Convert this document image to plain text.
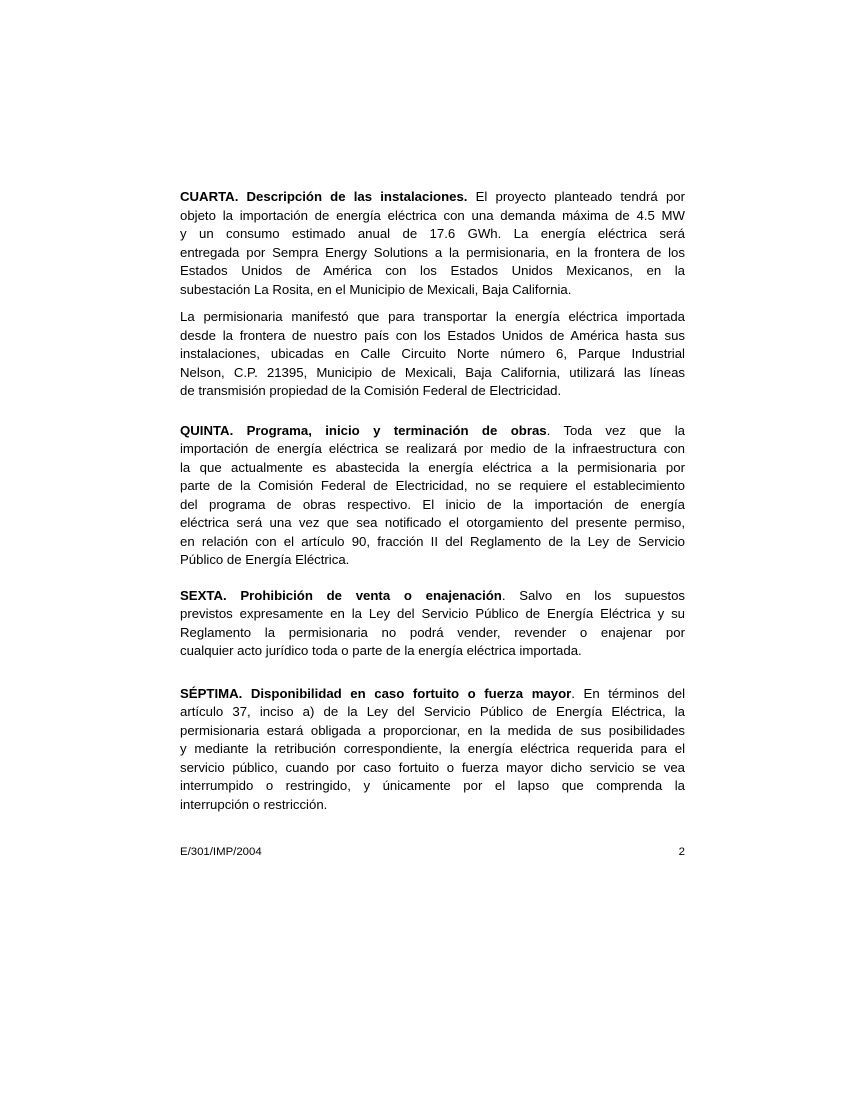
CUARTA. Descripción de las instalaciones. El proyecto planteado tendrá por
objeto la importación de energía eléctrica con una demanda máxima de 4.5 MW
y un consumo estimado anual de 17.6 GWh. La energía eléctrica será
entregada por Sempra Energy Solutions a la permisionaria, en la frontera de los
Estados Unidos de América con los Estados Unidos Mexicanos, en la
subestación La Rosita, en el Municipio de Mexicali, Baja California.
La permisionaria manifestó que para transportar la energía eléctrica importada
desde la frontera de nuestro país con los Estados Unidos de América hasta sus
instalaciones, ubicadas en Calle Circuito Norte número 6, Parque Industrial
Nelson, C.P. 21395, Municipio de Mexicali, Baja California, utilizará las líneas
de transmisión propiedad de la Comisión Federal de Electricidad.
QUINTA. Programa, inicio y terminación de obras. Toda vez que la
importación de energía eléctrica se realizará por medio de la infraestructura con
la que actualmente es abastecida la energía eléctrica a la permisionaria por
parte de la Comisión Federal de Electricidad, no se requiere el establecimiento
del programa de obras respectivo. El inicio de la importación de energía
eléctrica será una vez que sea notificado el otorgamiento del presente permiso,
en relación con el artículo 90, fracción II del Reglamento de la Ley de Servicio
Público de Energía Eléctrica.
SEXTA. Prohibición de venta o enajenación. Salvo en los supuestos
previstos expresamente en la Ley del Servicio Público de Energía Eléctrica y su
Reglamento la permisionaria no podrá vender, revender o enajenar por
cualquier acto jurídico toda o parte de la energía eléctrica importada.
SÉPTIMA. Disponibilidad en caso fortuito o fuerza mayor. En términos del
artículo 37, inciso a) de la Ley del Servicio Público de Energía Eléctrica, la
permisionaria estará obligada a proporcionar, en la medida de sus posibilidades
y mediante la retribución correspondiente, la energía eléctrica requerida para el
servicio público, cuando por caso fortuito o fuerza mayor dicho servicio se vea
interrumpido o restringido, y únicamente por el lapso que comprenda la
interrupción o restricción.
E/301/IMP/2004	2
